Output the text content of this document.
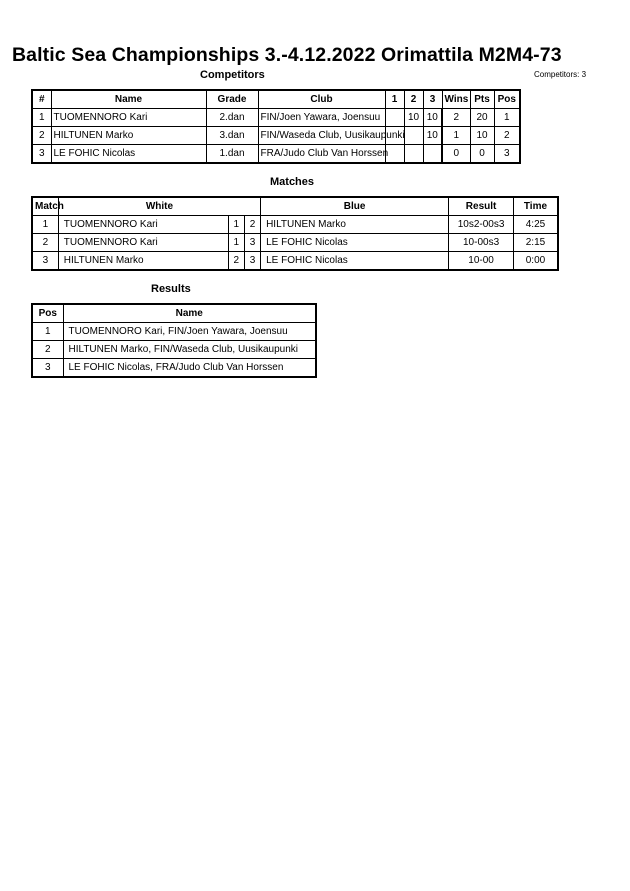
Baltic Sea Championships 3.-4.12.2022 Orimattila M2M4-73
Competitors	Competitors: 3
#	Name	Grade	Club	1	2	3	Wins	Pts	Pos
1	TUOMENNORO Kari	2.dan	FIN/Joen Yawara, Joensuu		10	10	2	20	1
2	HILTUNEN Marko	3.dan	FIN/Waseda Club, Uusikaupunki			10	1	10	2
3	LE FOHIC Nicolas	1.dan	FRA/Judo Club Van Horssen				0	0	3
Matches
Match	White			Blue	Result	Time
1	TUOMENNORO Kari	1	2	HILTUNEN Marko	10s2-00s3	4:25
2	TUOMENNORO Kari	1	3	LE FOHIC Nicolas	10-00s3	2:15
3	HILTUNEN Marko	2	3	LE FOHIC Nicolas	10-00	0:00
Results
Pos	Name
1	TUOMENNORO Kari, FIN/Joen Yawara, Joensuu
2	HILTUNEN Marko, FIN/Waseda Club, Uusikaupunki
3	LE FOHIC Nicolas, FRA/Judo Club Van Horssen
